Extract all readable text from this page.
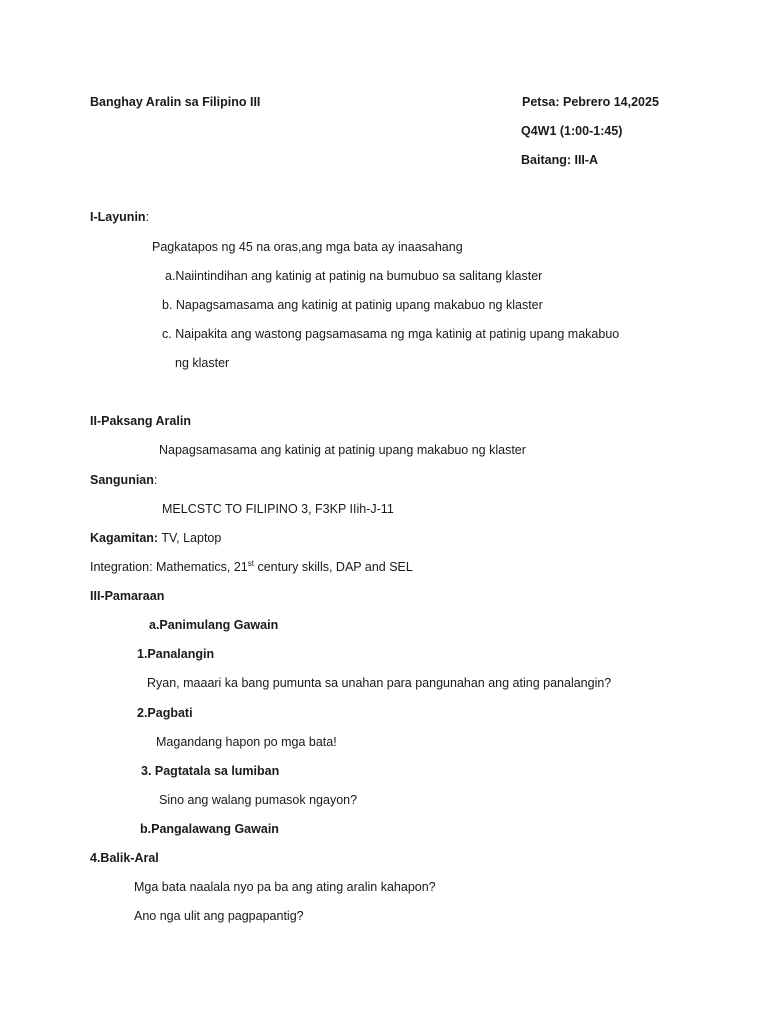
Banghay Aralin sa Filipino III	Petsa: Pebrero 14,2025
Q4W1 (1:00-1:45)
Baitang: III-A
I-Layunin:
Pagkatapos ng 45 na oras,ang mga bata ay inaasahang
a.Naiintindihan ang katinig at patinig na bumubuo sa salitang klaster
b. Napagsamasama ang katinig at patinig upang makabuo ng klaster
c. Naipakita ang wastong pagsamasama ng mga katinig at patinig upang makabuo
ng klaster
II-Paksang Aralin
Napagsamasama ang katinig at patinig upang makabuo ng klaster
Sangunian:
MELCSTC TO FILIPINO 3, F3KP IIih-J-11
Kagamitan: TV, Laptop
Integration: Mathematics, 21st century skills, DAP and SEL
III-Pamaraan
a.Panimulang Gawain
1.Panalangin
Ryan, maaari ka bang pumunta sa unahan para pangunahan ang ating panalangin?
2.Pagbati
Magandang hapon po mga bata!
3. Pagtatala sa lumiban
Sino ang walang pumasok ngayon?
b.Pangalawang Gawain
4.Balik-Aral
Mga bata naalala nyo pa ba ang ating aralin kahapon?
Ano nga ulit ang pagpapantig?
